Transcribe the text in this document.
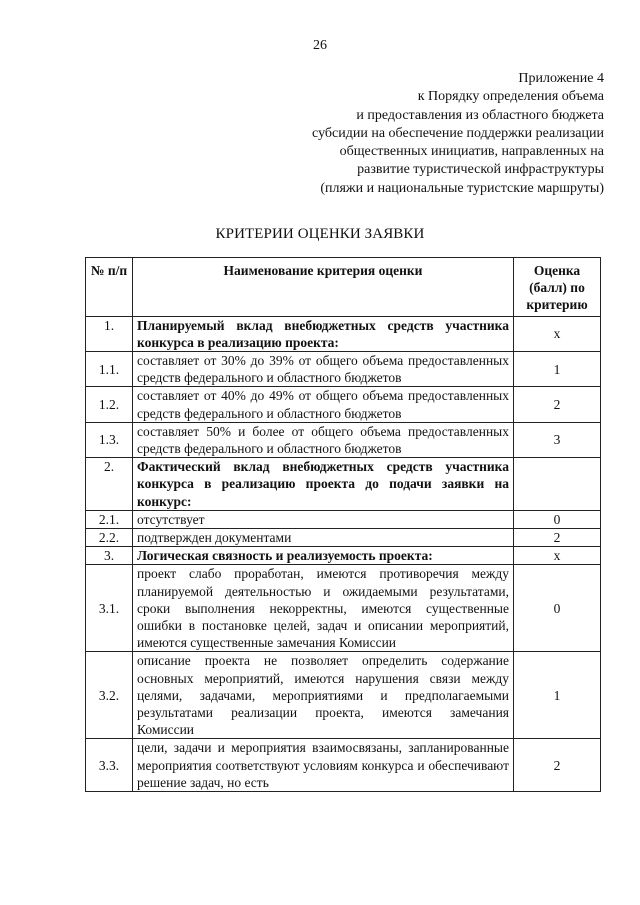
26
Приложение 4
к Порядку определения объема
и предоставления из областного бюджета
субсидии на обеспечение поддержки реализации
общественных инициатив, направленных на
развитие туристической инфраструктуры
(пляжи и национальные туристские маршруты)
КРИТЕРИИ ОЦЕНКИ ЗАЯВКИ
№ п/п	Наименование критерия оценки	Оценка (балл) по критерию
1.	Планируемый вклад внебюджетных средств участника конкурса в реализацию проекта:	x
1.1.	составляет от 30% до 39% от общего объема предоставленных средств федерального и областного бюджетов	1
1.2.	составляет от 40% до 49% от общего объема предоставленных средств федерального и областного бюджетов	2
1.3.	составляет 50% и более от общего объема предоставленных средств федерального и областного бюджетов	3
2.	Фактический вклад внебюджетных средств участника конкурса в реализацию проекта до подачи заявки на конкурс:	
2.1.	отсутствует	0
2.2.	подтвержден документами	2
3.	Логическая связность и реализуемость проекта:	x
3.1.	проект слабо проработан, имеются противоречия между планируемой деятельностью и ожидаемыми результатами, сроки выполнения некорректны, имеются существенные ошибки в постановке целей, задач и описании мероприятий, имеются существенные замечания Комиссии	0
3.2.	описание проекта не позволяет определить содержание основных мероприятий, имеются нарушения связи между целями, задачами, мероприятиями и предполагаемыми результатами реализации проекта, имеются замечания Комиссии	1
3.3.	цели, задачи и мероприятия взаимосвязаны, запланированные мероприятия соответствуют условиям конкурса и обеспечивают решение задач, но есть	2
